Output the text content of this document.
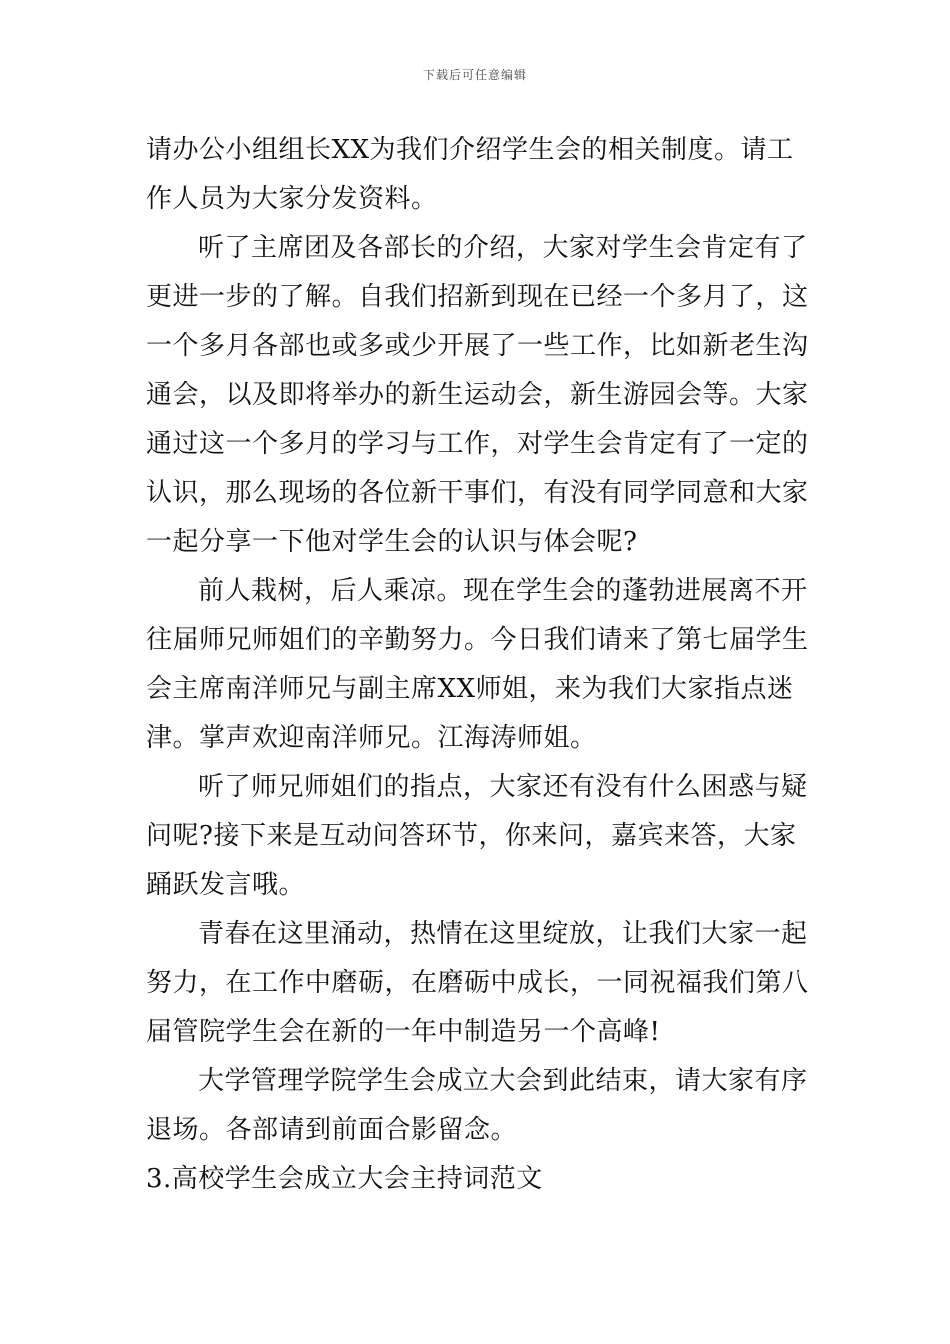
下载后可任意编辑

请办公小组组长XX为我们介绍学生会的相关制度。请工作人员为大家分发资料。

听了主席团及各部长的介绍，大家对学生会肯定有了更进一步的了解。自我们招新到现在已经一个多月了，这一个多月各部也或多或少开展了一些工作，比如新老生沟通会，以及即将举办的新生运动会，新生游园会等。大家通过这一个多月的学习与工作，对学生会肯定有了一定的认识，那么现场的各位新干事们，有没有同学同意和大家一起分享一下他对学生会的认识与体会呢?

前人栽树，后人乘凉。现在学生会的蓬勃进展离不开往届师兄师姐们的辛勤努力。今日我们请来了第七届学生会主席南洋师兄与副主席XX师姐，来为我们大家指点迷津。掌声欢迎南洋师兄。江海涛师姐。

听了师兄师姐们的指点，大家还有没有什么困惑与疑问呢?接下来是互动问答环节，你来问，嘉宾来答，大家踊跃发言哦。

青春在这里涌动，热情在这里绽放，让我们大家一起努力，在工作中磨砺，在磨砺中成长，一同祝福我们第八届管院学生会在新的一年中制造另一个高峰!

大学管理学院学生会成立大会到此结束，请大家有序退场。各部请到前面合影留念。

3.高校学生会成立大会主持词范文
